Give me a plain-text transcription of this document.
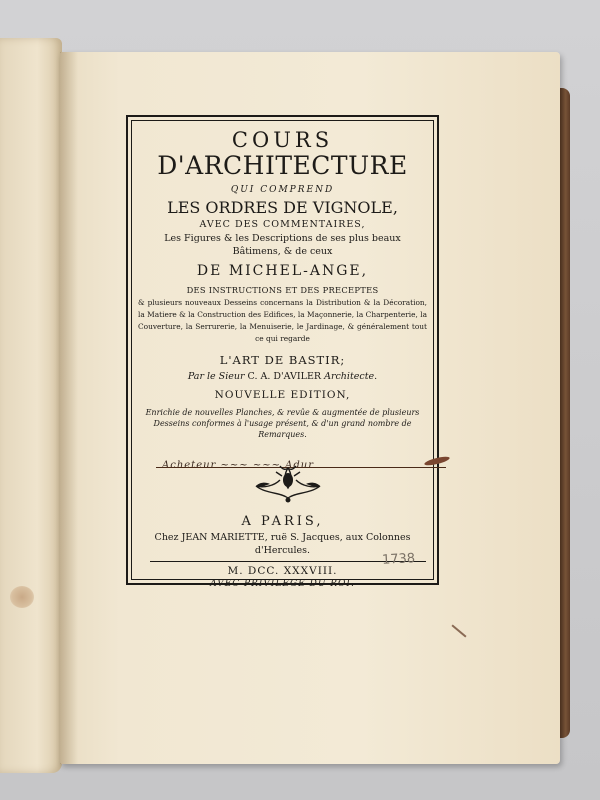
COURS
D'ARCHITECTURE
QUI COMPREND
LES ORDRES DE VIGNOLE,
AVEC DES COMMENTAIRES,
Les Figures & les Descriptions de ses plus beaux
Bâtimens, & de ceux
DE MICHEL-ANGE,
DES INSTRUCTIONS ET DES PRECEPTES
& plusieurs nouveaux Desseins concernans la Distribution & la Décoration, la Matiere & la Construction des Edifices, la Maçonnerie, la Charpenterie, la Couverture, la Serrurerie, la Menuiserie, le Jardinage, & généralement tout ce qui regarde
L'ART DE BASTIR;
Par le Sieur C. A. D'AVILER Architecte.
NOUVELLE EDITION,
Enrichie de nouvelles Planches, & revûe & augmentée de plusieurs Desseins conformes à l'usage présent, & d'un grand nombre de Remarques.
Acheteur ~~~ ~~~ Adur
A PARIS,
Chez JEAN MARIETTE, ruë S. Jacques, aux Colonnes
d'Hercules.
M. DCC. XXXVIII.
AVEC PRIVILEGE DU ROI.
1738
